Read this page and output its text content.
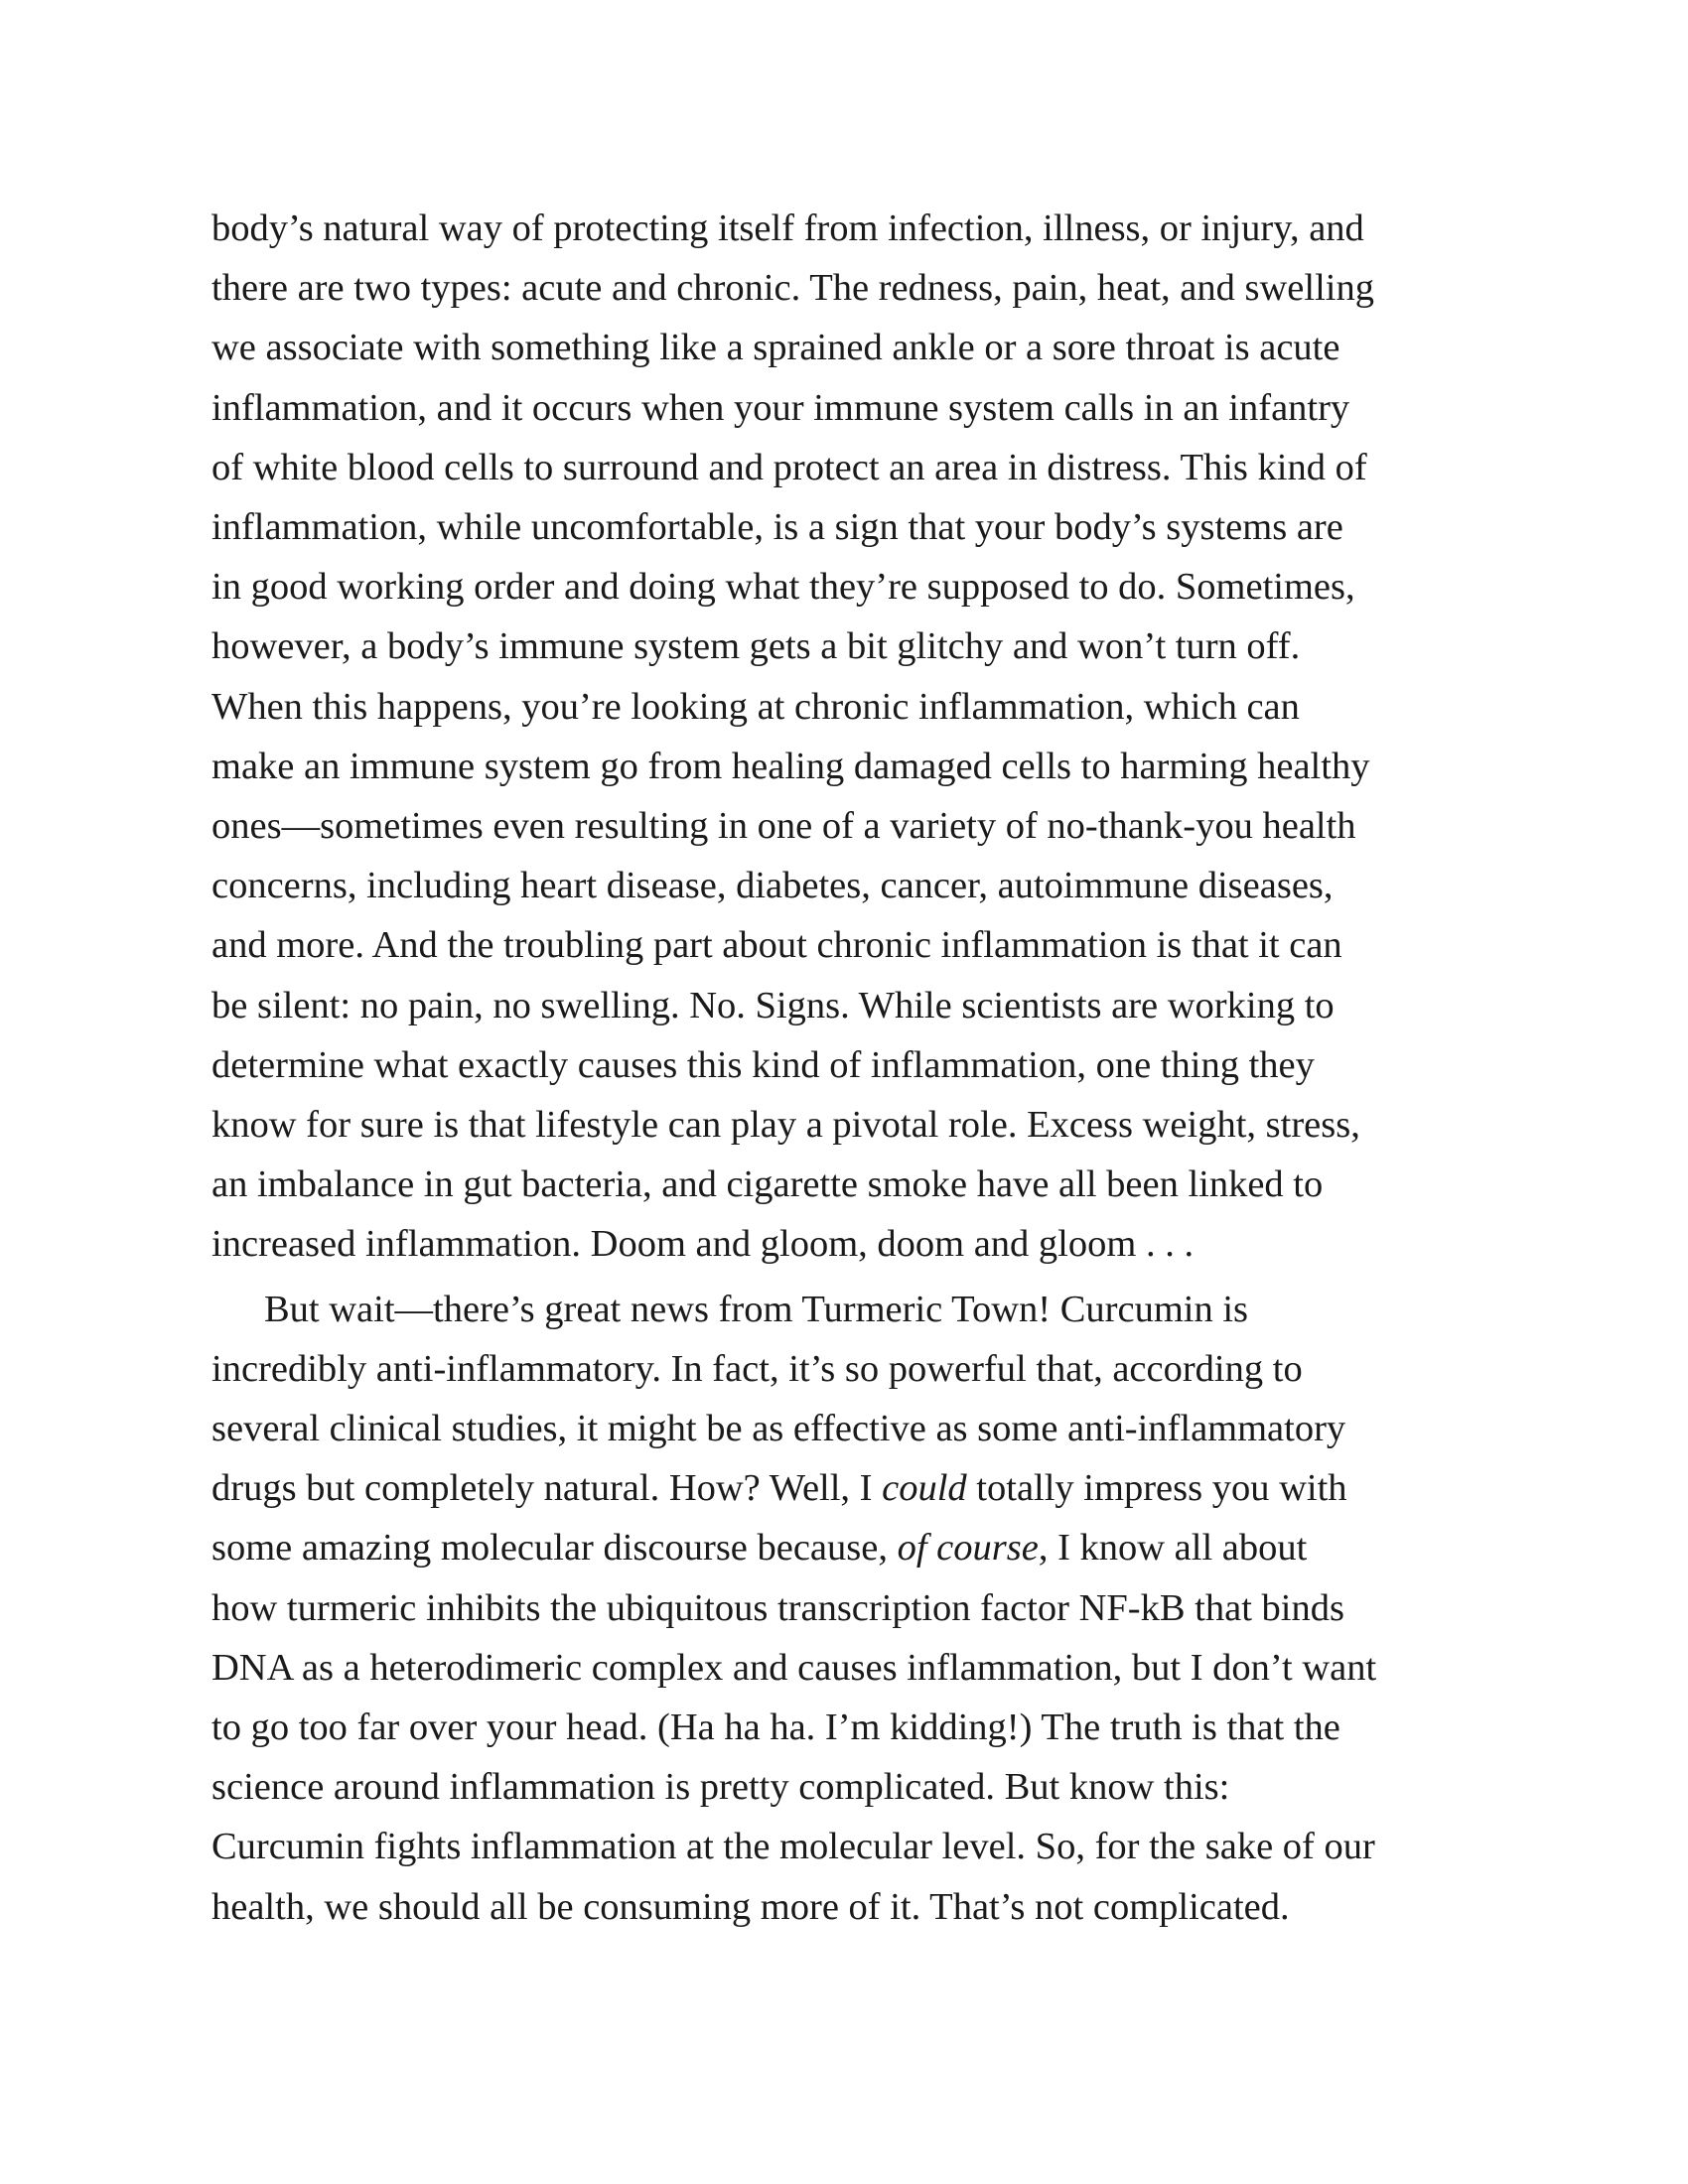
body’s natural way of protecting itself from infection, illness, or injury, and
there are two types: acute and chronic. The redness, pain, heat, and swelling
we associate with something like a sprained ankle or a sore throat is acute
inflammation, and it occurs when your immune system calls in an infantry
of white blood cells to surround and protect an area in distress. This kind of
inflammation, while uncomfortable, is a sign that your body’s systems are
in good working order and doing what they’re supposed to do. Sometimes,
however, a body’s immune system gets a bit glitchy and won’t turn off.
When this happens, you’re looking at chronic inflammation, which can
make an immune system go from healing damaged cells to harming healthy
ones—sometimes even resulting in one of a variety of no-thank-you health
concerns, including heart disease, diabetes, cancer, autoimmune diseases,
and more. And the troubling part about chronic inflammation is that it can
be silent: no pain, no swelling. No. Signs. While scientists are working to
determine what exactly causes this kind of inflammation, one thing they
know for sure is that lifestyle can play a pivotal role. Excess weight, stress,
an imbalance in gut bacteria, and cigarette smoke have all been linked to
increased inflammation. Doom and gloom, doom and gloom . . .

But wait—there’s great news from Turmeric Town! Curcumin is
incredibly anti-inflammatory. In fact, it’s so powerful that, according to
several clinical studies, it might be as effective as some anti-inflammatory
drugs but completely natural. How? Well, I could totally impress you with
some amazing molecular discourse because, of course, I know all about
how turmeric inhibits the ubiquitous transcription factor NF-kB that binds
DNA as a heterodimeric complex and causes inflammation, but I don’t want
to go too far over your head. (Ha ha ha. I’m kidding!) The truth is that the
science around inflammation is pretty complicated. But know this:
Curcumin fights inflammation at the molecular level. So, for the sake of our
health, we should all be consuming more of it. That’s not complicated.
